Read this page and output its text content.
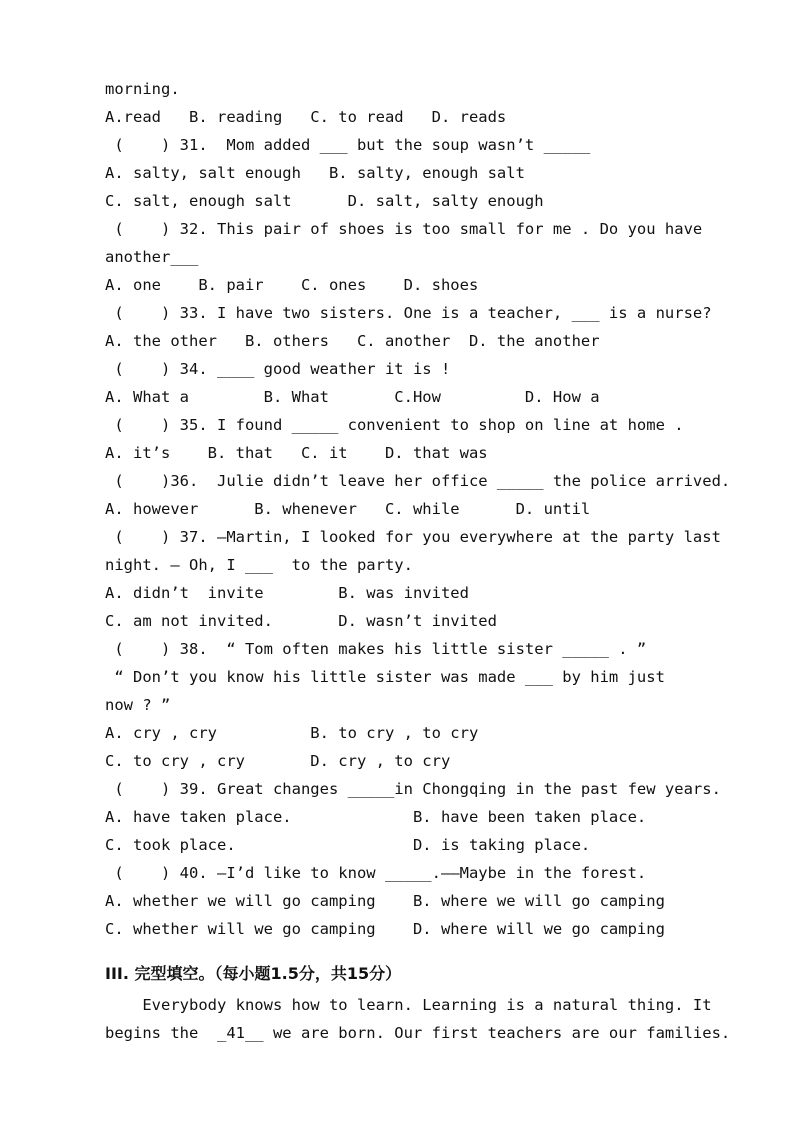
morning.
A.read   B. reading   C. to read   D. reads
(    ) 31.  Mom added ___ but the soup wasn’t _____
A. salty, salt enough   B. salty, enough salt
C. salt, enough salt      D. salt, salty enough
(    ) 32. This pair of shoes is too small for me . Do you have
another___
A. one    B. pair    C. ones    D. shoes
(    ) 33. I have two sisters. One is a teacher, ___ is a nurse?
A. the other   B. others   C. another  D. the another
(    ) 34. ____ good weather it is !
A. What a        B. What       C.How         D. How a
(    ) 35. I found _____ convenient to shop on line at home .
A. it’s    B. that   C. it    D. that was
(    )36.  Julie didn’t leave her office _____ the police arrived.
A. however      B. whenever   C. while      D. until
(    ) 37. —Martin, I looked for you everywhere at the party last
night. — Oh, I ___  to the party.
A. didn’t  invite        B. was invited
C. am not invited.       D. wasn’t invited
(    ) 38.  “ Tom often makes his little sister _____ . ”
“ Don’t you know his little sister was made ___ by him just
now ? ”
A. cry , cry          B. to cry , to cry
C. to cry , cry       D. cry , to cry
(    ) 39. Great changes _____in Chongqing in the past few years.
A. have taken place.             B. have been taken place.
C. took place.                   D. is taking place.
(    ) 40. —I’d like to know _____.——Maybe in the forest.
A. whether we will go camping    B. where we will go camping
C. whether will we go camping    D. where will we go camping
III. 完型填空。（每小题1.5分，共15分）
Everybody knows how to learn. Learning is a natural thing. It
begins the  _41__ we are born. Our first teachers are our families.
